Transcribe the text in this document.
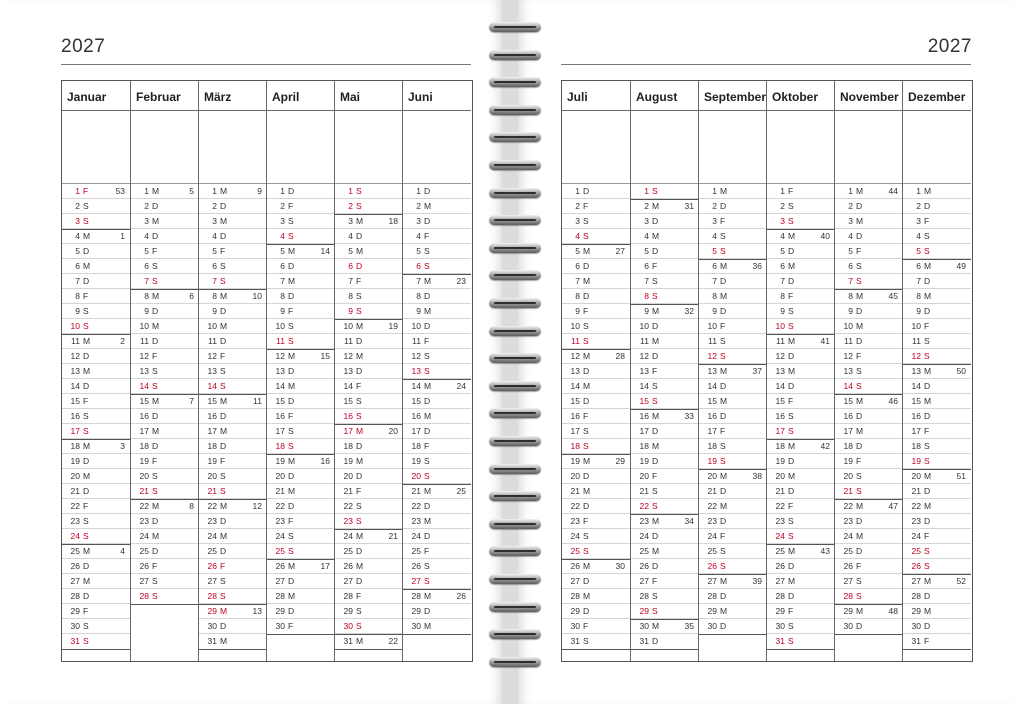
2027	2027
Januar
1 F	53
2 S
3 S
4 M	1
5 D
6 M
7 D
8 F
9 S
10 S
11 M	2
12 D
13 M
14 D
15 F
16 S
17 S
18 M	3
19 D
20 M
21 D
22 F
23 S
24 S
25 M	4
26 D
27 M
28 D
29 F
30 S
31 S
Februar
1 M	5
2 D
3 M
4 D
5 F
6 S
7 S
8 M	6
9 D
10 M
11 D
12 F
13 S
14 S
15 M	7
16 D
17 M
18 D
19 F
20 S
21 S
22 M	8
23 D
24 M
25 D
26 F
27 S
28 S
März
1 M	9
2 D
3 M
4 D
5 F
6 S
7 S
8 M	10
9 D
10 M
11 D
12 F
13 S
14 S
15 M	11
16 D
17 M
18 D
19 F
20 S
21 S
22 M	12
23 D
24 M
25 D
26 F
27 S
28 S
29 M	13
30 D
31 M
April
1 D
2 F
3 S
4 S
5 M	14
6 D
7 M
8 D
9 F
10 S
11 S
12 M	15
13 D
14 M
15 D
16 F
17 S
18 S
19 M	16
20 D
21 M
22 D
23 F
24 S
25 S
26 M	17
27 D
28 M
29 D
30 F
Mai
1 S
2 S
3 M	18
4 D
5 M
6 D
7 F
8 S
9 S
10 M	19
11 D
12 M
13 D
14 F
15 S
16 S
17 M	20
18 D
19 M
20 D
21 F
22 S
23 S
24 M	21
25 D
26 M
27 D
28 F
29 S
30 S
31 M	22
Juni
1 D
2 M
3 D
4 F
5 S
6 S
7 M	23
8 D
9 M
10 D
11 F
12 S
13 S
14 M	24
15 D
16 M
17 D
18 F
19 S
20 S
21 M	25
22 D
23 M
24 D
25 F
26 S
27 S
28 M	26
29 D
30 M
Juli
1 D
2 F
3 S
4 S
5 M	27
6 D
7 M
8 D
9 F
10 S
11 S
12 M	28
13 D
14 M
15 D
16 F
17 S
18 S
19 M	29
20 D
21 M
22 D
23 F
24 S
25 S
26 M	30
27 D
28 M
29 D
30 F
31 S
August
1 S
2 M	31
3 D
4 M
5 D
6 F
7 S
8 S
9 M	32
10 D
11 M
12 D
13 F
14 S
15 S
16 M	33
17 D
18 M
19 D
20 F
21 S
22 S
23 M	34
24 D
25 M
26 D
27 F
28 S
29 S
30 M	35
31 D
September
1 M
2 D
3 F
4 S
5 S
6 M	36
7 D
8 M
9 D
10 F
11 S
12 S
13 M	37
14 D
15 M
16 D
17 F
18 S
19 S
20 M	38
21 D
22 M
23 D
24 F
25 S
26 S
27 M	39
28 D
29 M
30 D
Oktober
1 F
2 S
3 S
4 M	40
5 D
6 M
7 D
8 F
9 S
10 S
11 M	41
12 D
13 M
14 D
15 F
16 S
17 S
18 M	42
19 D
20 M
21 D
22 F
23 S
24 S
25 M	43
26 D
27 M
28 D
29 F
30 S
31 S
November
1 M	44
2 D
3 M
4 D
5 F
6 S
7 S
8 M	45
9 D
10 M
11 D
12 F
13 S
14 S
15 M	46
16 D
17 M
18 D
19 F
20 S
21 S
22 M	47
23 D
24 M
25 D
26 F
27 S
28 S
29 M	48
30 D
Dezember
1 M
2 D
3 F
4 S
5 S
6 M	49
7 D
8 M
9 D
10 F
11 S
12 S
13 M	50
14 D
15 M
16 D
17 F
18 S
19 S
20 M	51
21 D
22 M
23 D
24 F
25 S
26 S
27 M	52
28 D
29 M
30 D
31 F
